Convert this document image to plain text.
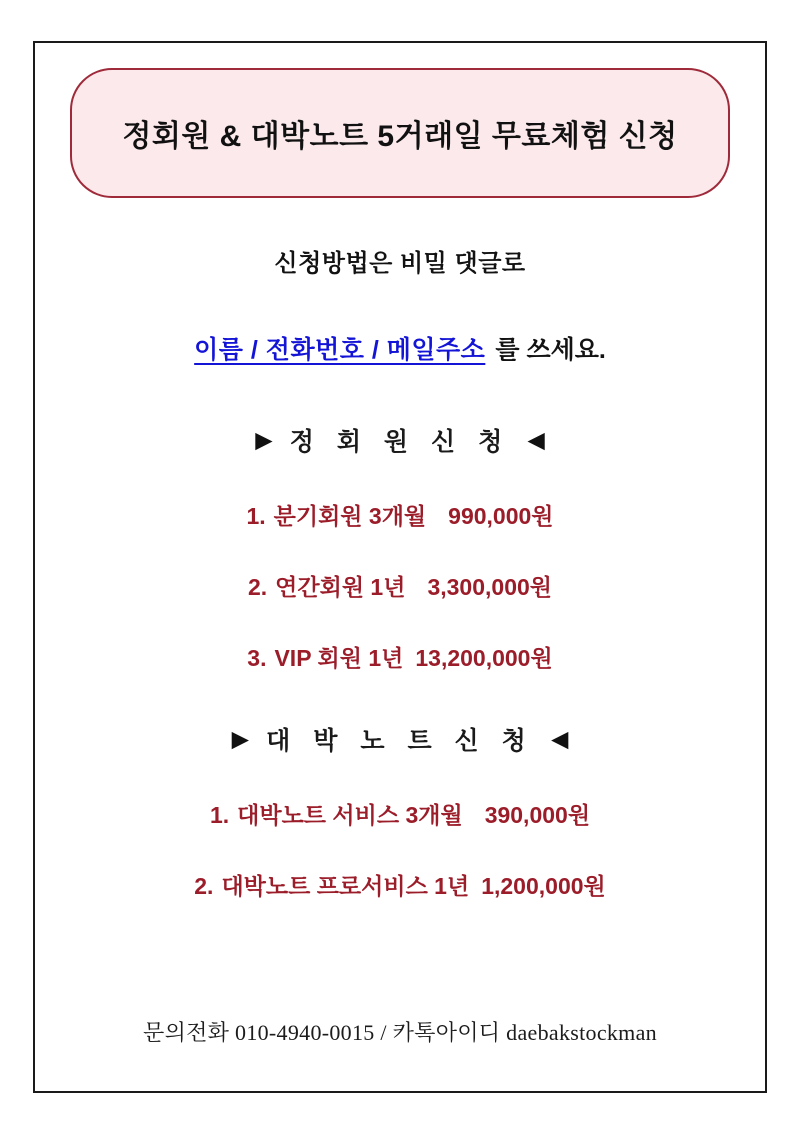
정회원 & 대박노트 5거래일 무료체험 신청
신청방법은 비밀 댓글로
이름 / 전화번호 / 메일주소 를 쓰세요.
▶ 정 회 원 신 청 ◀
1. 분기회원 3개월 990,000원
2. 연간회원 1년 3,300,000원
3. VIP 회원 1년 13,200,000원
▶ 대 박 노 트 신 청 ◀
1. 대박노트 서비스 3개월 390,000원
2. 대박노트 프로서비스 1년 1,200,000원
문의전화 010-4940-0015 / 카톡아이디 daebakstockman
